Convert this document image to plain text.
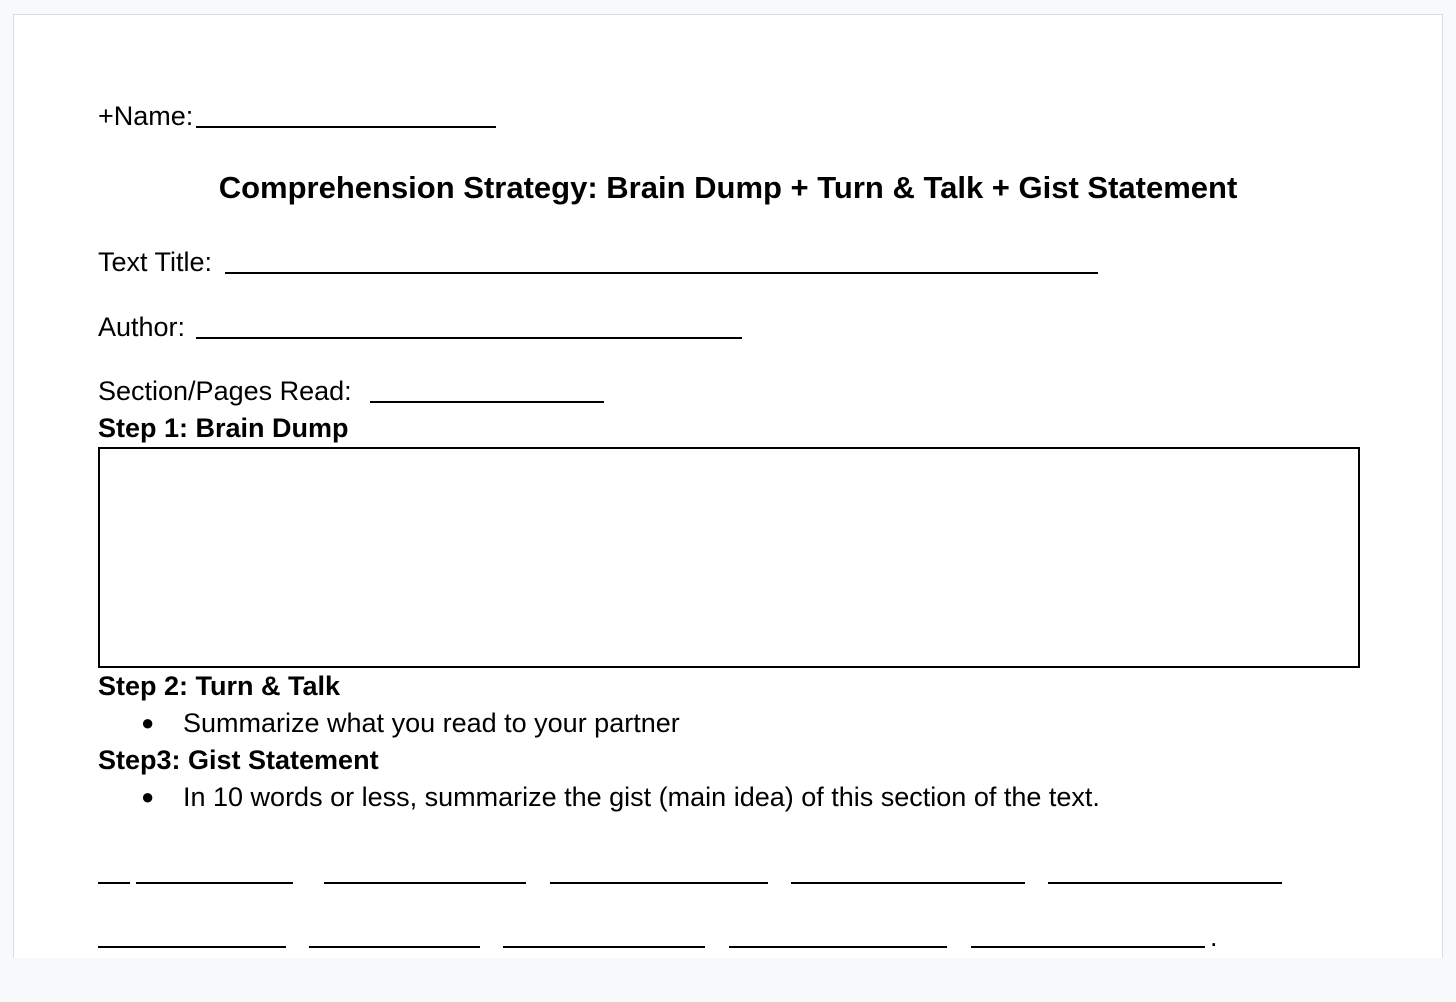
+Name:
Comprehension Strategy: Brain Dump + Turn & Talk + Gist Statement
Text Title:
Author:
Section/Pages Read:
Step 1: Brain Dump
Step 2: Turn & Talk
● Summarize what you read to your partner
Step3: Gist Statement
● In 10 words or less, summarize the gist (main idea) of this section of the text.
.
